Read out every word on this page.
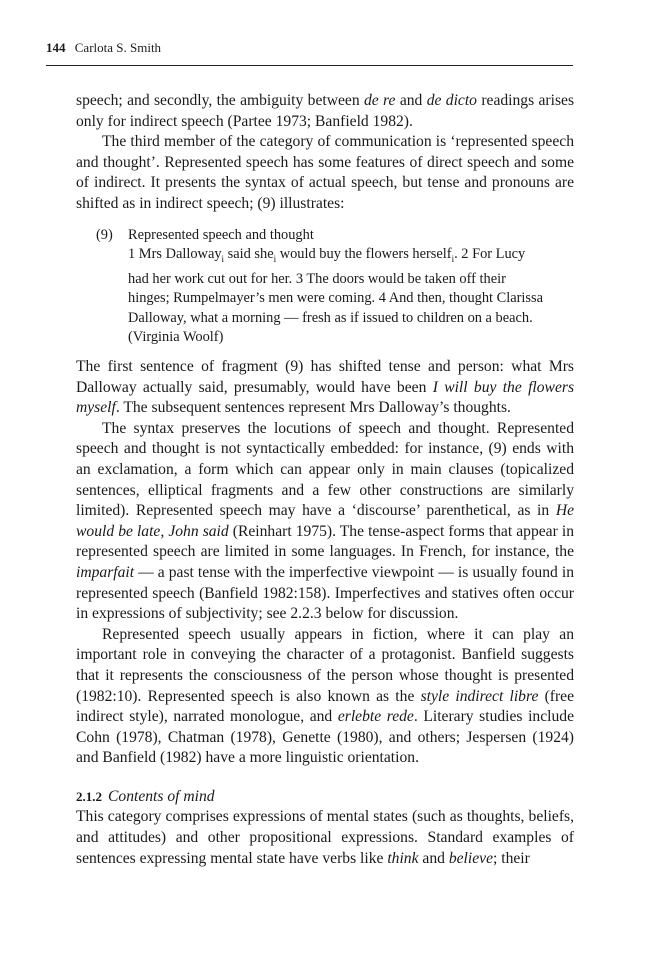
144 Carlota S. Smith

speech; and secondly, the ambiguity between de re and de dicto readings arises only for indirect speech (Partee 1973; Banfield 1982).

The third member of the category of communication is ‘represented speech and thought’. Represented speech has some features of direct speech and some of indirect. It presents the syntax of actual speech, but tense and pronouns are shifted as in indirect speech; (9) illustrates:

(9)	Represented speech and thought
1 Mrs Dalloway$_i$ said she$_i$ would buy the flowers herself$_i$. 2 For Lucy had her work cut out for her. 3 The doors would be taken off their hinges; Rumpelmayer’s men were coming. 4 And then, thought Clarissa Dalloway, what a morning — fresh as if issued to children on a beach.    (Virginia Woolf)

The first sentence of fragment (9) has shifted tense and person: what Mrs Dalloway actually said, presumably, would have been I will buy the flowers myself. The subsequent sentences represent Mrs Dalloway’s thoughts.

The syntax preserves the locutions of speech and thought. Represented speech and thought is not syntactically embedded: for instance, (9) ends with an exclamation, a form which can appear only in main clauses (topicalized sentences, elliptical fragments and a few other constructions are similarly limited). Represented speech may have a ‘discourse’ parenthetical, as in He would be late, John said (Reinhart 1975). The tense-aspect forms that appear in represented speech are limited in some languages. In French, for instance, the imparfait — a past tense with the imperfective viewpoint — is usually found in represented speech (Banfield 1982:158). Imperfectives and statives often occur in expressions of subjectivity; see 2.2.3 below for discussion.

Represented speech usually appears in fiction, where it can play an important role in conveying the character of a protagonist. Banfield suggests that it represents the consciousness of the person whose thought is presented (1982:10). Represented speech is also known as the style indirect libre (free indirect style), narrated monologue, and erlebte rede. Literary studies include Cohn (1978), Chatman (1978), Genette (1980), and others; Jespersen (1924) and Banfield (1982) have a more linguistic orientation.

2.1.2 Contents of mind

This category comprises expressions of mental states (such as thoughts, beliefs, and attitudes) and other propositional expressions. Standard examples of sentences expressing mental state have verbs like think and believe; their
